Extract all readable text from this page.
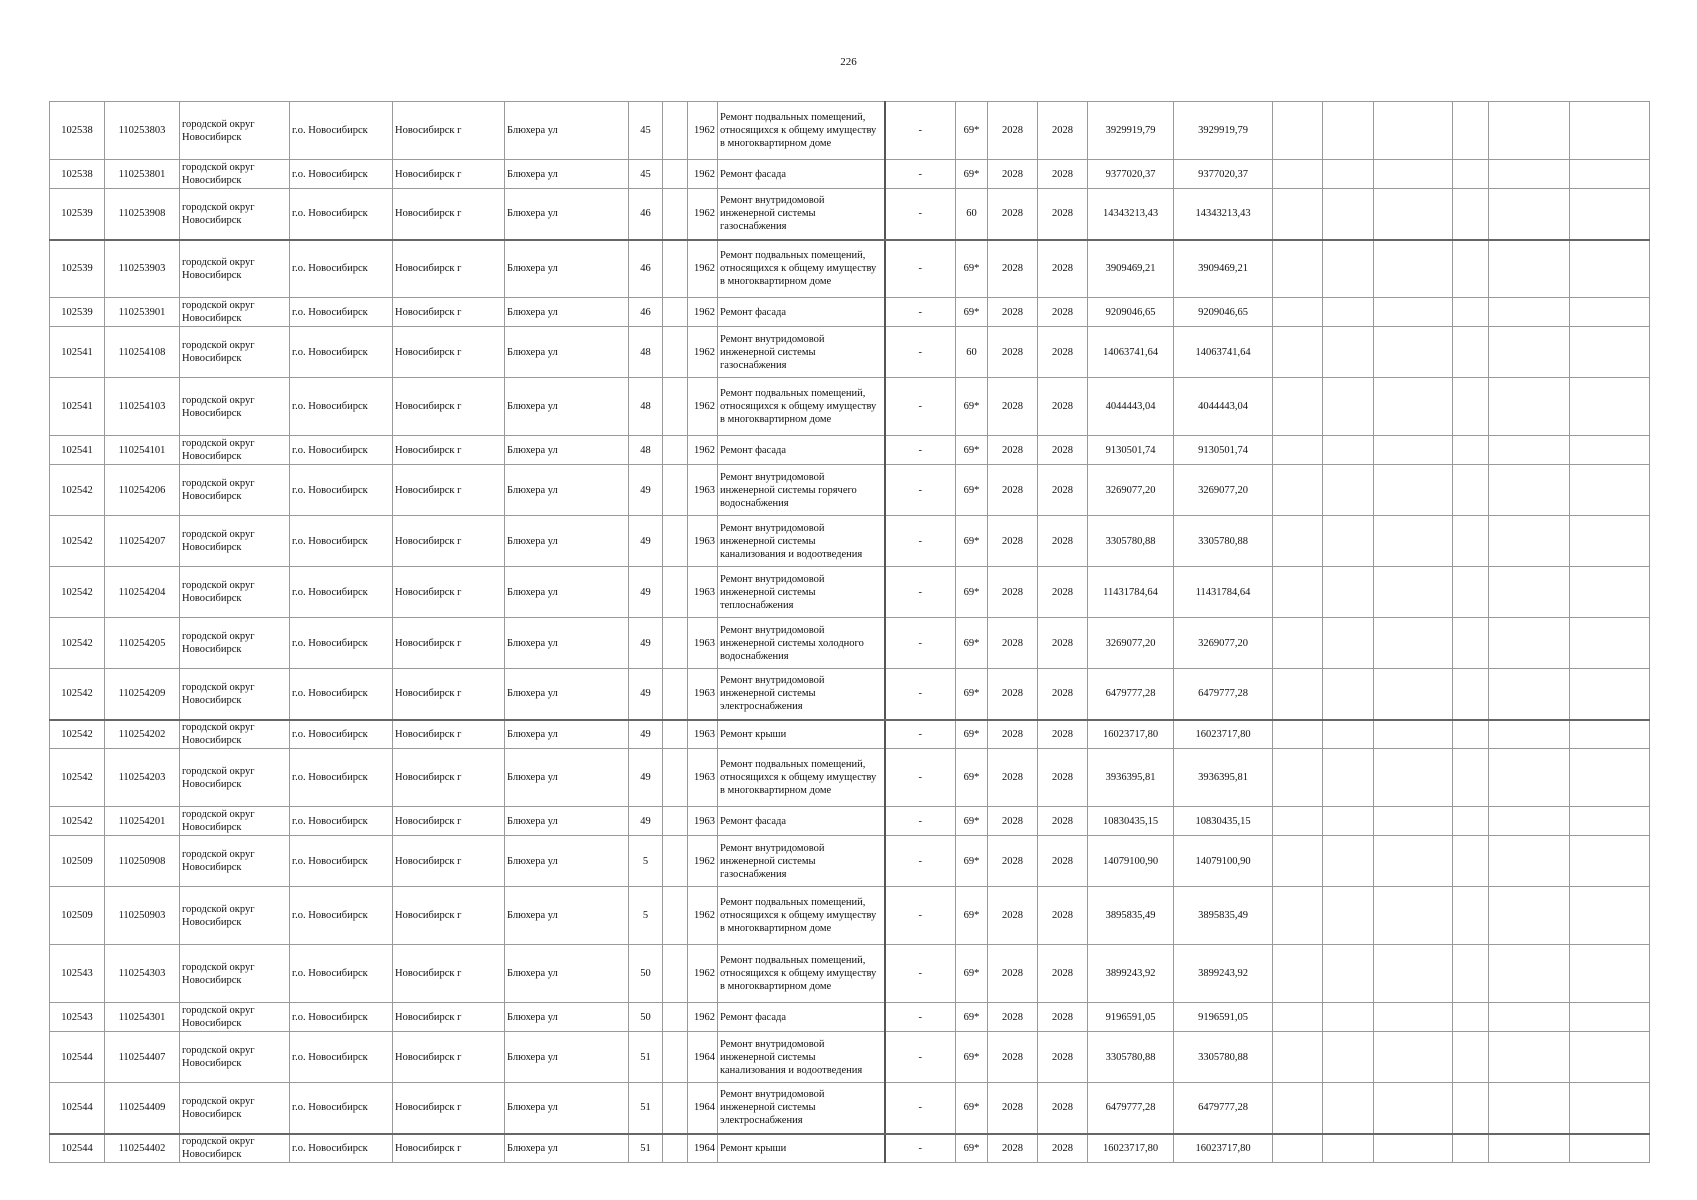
226
102538	110253803	городской округ Новосибирск	г.о. Новосибирск	Новосибирск г	Блюхера ул	45		1962	Ремонт подвальных помещений, относящихся к общему имуществу в многоквартирном доме	-	69*	2028	2028	3929919,79	3929919,79						
102538	110253801	городской округ Новосибирск	г.о. Новосибирск	Новосибирск г	Блюхера ул	45		1962	Ремонт фасада	-	69*	2028	2028	9377020,37	9377020,37						
102539	110253908	городской округ Новосибирск	г.о. Новосибирск	Новосибирск г	Блюхера ул	46		1962	Ремонт внутридомовой инженерной системы газоснабжения	-	60	2028	2028	14343213,43	14343213,43						
102539	110253903	городской округ Новосибирск	г.о. Новосибирск	Новосибирск г	Блюхера ул	46		1962	Ремонт подвальных помещений, относящихся к общему имуществу в многоквартирном доме	-	69*	2028	2028	3909469,21	3909469,21						
102539	110253901	городской округ Новосибирск	г.о. Новосибирск	Новосибирск г	Блюхера ул	46		1962	Ремонт фасада	-	69*	2028	2028	9209046,65	9209046,65						
102541	110254108	городской округ Новосибирск	г.о. Новосибирск	Новосибирск г	Блюхера ул	48		1962	Ремонт внутридомовой инженерной системы газоснабжения	-	60	2028	2028	14063741,64	14063741,64						
102541	110254103	городской округ Новосибирск	г.о. Новосибирск	Новосибирск г	Блюхера ул	48		1962	Ремонт подвальных помещений, относящихся к общему имуществу в многоквартирном доме	-	69*	2028	2028	4044443,04	4044443,04						
102541	110254101	городской округ Новосибирск	г.о. Новосибирск	Новосибирск г	Блюхера ул	48		1962	Ремонт фасада	-	69*	2028	2028	9130501,74	9130501,74						
102542	110254206	городской округ Новосибирск	г.о. Новосибирск	Новосибирск г	Блюхера ул	49		1963	Ремонт внутридомовой инженерной системы горячего водоснабжения	-	69*	2028	2028	3269077,20	3269077,20						
102542	110254207	городской округ Новосибирск	г.о. Новосибирск	Новосибирск г	Блюхера ул	49		1963	Ремонт внутридомовой инженерной системы канализования и водоотведения	-	69*	2028	2028	3305780,88	3305780,88						
102542	110254204	городской округ Новосибирск	г.о. Новосибирск	Новосибирск г	Блюхера ул	49		1963	Ремонт внутридомовой инженерной системы теплоснабжения	-	69*	2028	2028	11431784,64	11431784,64						
102542	110254205	городской округ Новосибирск	г.о. Новосибирск	Новосибирск г	Блюхера ул	49		1963	Ремонт внутридомовой инженерной системы холодного водоснабжения	-	69*	2028	2028	3269077,20	3269077,20						
102542	110254209	городской округ Новосибирск	г.о. Новосибирск	Новосибирск г	Блюхера ул	49		1963	Ремонт внутридомовой инженерной системы электроснабжения	-	69*	2028	2028	6479777,28	6479777,28						
102542	110254202	городской округ Новосибирск	г.о. Новосибирск	Новосибирск г	Блюхера ул	49		1963	Ремонт крыши	-	69*	2028	2028	16023717,80	16023717,80						
102542	110254203	городской округ Новосибирск	г.о. Новосибирск	Новосибирск г	Блюхера ул	49		1963	Ремонт подвальных помещений, относящихся к общему имуществу в многоквартирном доме	-	69*	2028	2028	3936395,81	3936395,81						
102542	110254201	городской округ Новосибирск	г.о. Новосибирск	Новосибирск г	Блюхера ул	49		1963	Ремонт фасада	-	69*	2028	2028	10830435,15	10830435,15						
102509	110250908	городской округ Новосибирск	г.о. Новосибирск	Новосибирск г	Блюхера ул	5		1962	Ремонт внутридомовой инженерной системы газоснабжения	-	69*	2028	2028	14079100,90	14079100,90						
102509	110250903	городской округ Новосибирск	г.о. Новосибирск	Новосибирск г	Блюхера ул	5		1962	Ремонт подвальных помещений, относящихся к общему имуществу в многоквартирном доме	-	69*	2028	2028	3895835,49	3895835,49						
102543	110254303	городской округ Новосибирск	г.о. Новосибирск	Новосибирск г	Блюхера ул	50		1962	Ремонт подвальных помещений, относящихся к общему имуществу в многоквартирном доме	-	69*	2028	2028	3899243,92	3899243,92						
102543	110254301	городской округ Новосибирск	г.о. Новосибирск	Новосибирск г	Блюхера ул	50		1962	Ремонт фасада	-	69*	2028	2028	9196591,05	9196591,05						
102544	110254407	городской округ Новосибирск	г.о. Новосибирск	Новосибирск г	Блюхера ул	51		1964	Ремонт внутридомовой инженерной системы канализования и водоотведения	-	69*	2028	2028	3305780,88	3305780,88						
102544	110254409	городской округ Новосибирск	г.о. Новосибирск	Новосибирск г	Блюхера ул	51		1964	Ремонт внутридомовой инженерной системы электроснабжения	-	69*	2028	2028	6479777,28	6479777,28						
102544	110254402	городской округ Новосибирск	г.о. Новосибирск	Новосибирск г	Блюхера ул	51		1964	Ремонт крыши	-	69*	2028	2028	16023717,80	16023717,80						
